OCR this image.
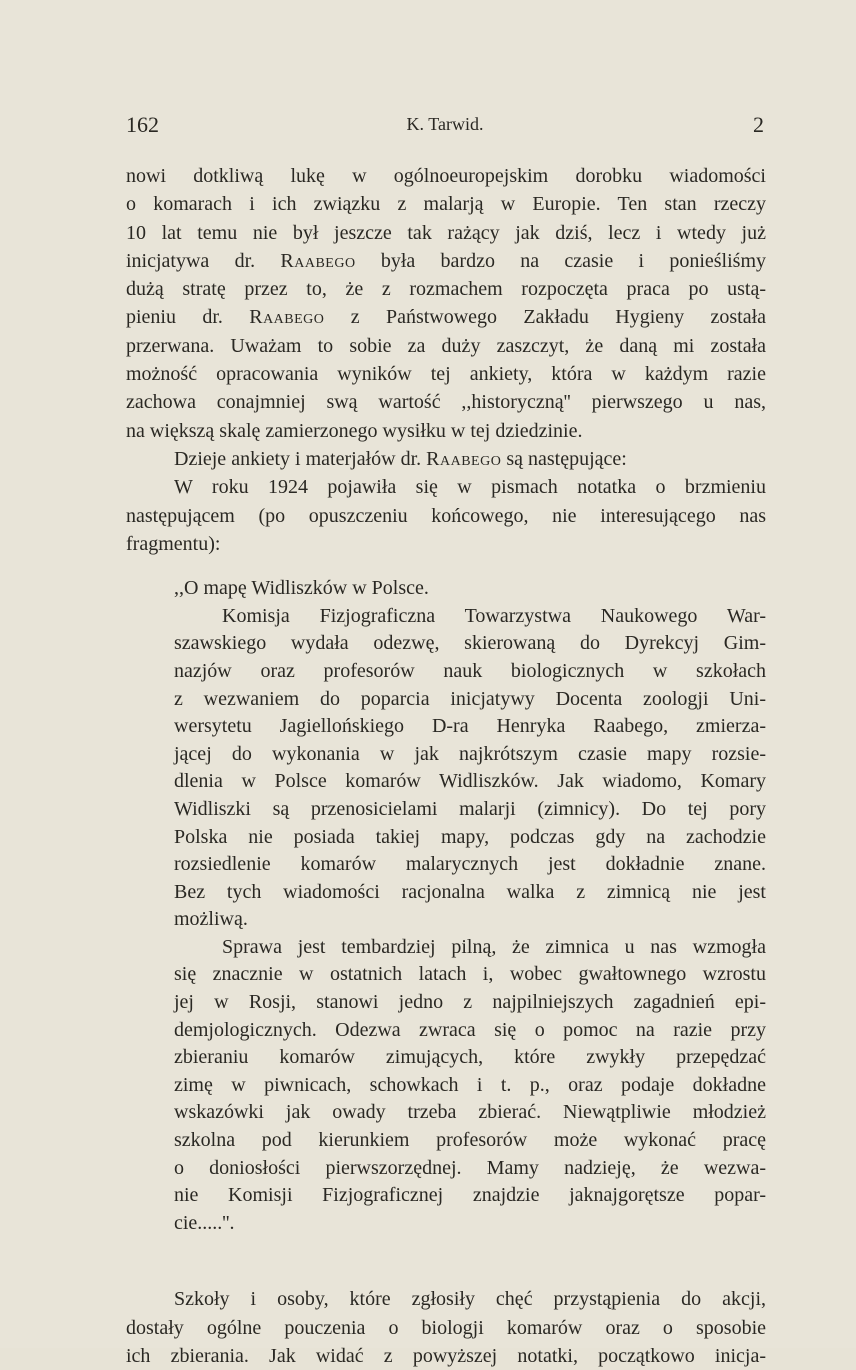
162	K. Tarwid.	2
nowi dotkliwą lukę w ogólnoeuropejskim dorobku wiadomości
o komarach i ich związku z malarją w Europie. Ten stan rzeczy
10 lat temu nie był jeszcze tak rażący jak dziś, lecz i wtedy już
inicjatywa dr. Raabego była bardzo na czasie i ponieśliśmy
dużą stratę przez to, że z rozmachem rozpoczęta praca po ustą-
pieniu dr. Raabego z Państwowego Zakładu Hygieny została
przerwana. Uważam to sobie za duży zaszczyt, że daną mi została
możność opracowania wyników tej ankiety, która w każdym razie
zachowa conajmniej swą wartość ,,historyczną'' pierwszego u nas,
na większą skalę zamierzonego wysiłku w tej dziedzinie.
Dzieje ankiety i materjałów dr. Raabego są następujące:
W roku 1924 pojawiła się w pismach notatka o brzmieniu
następującem (po opuszczeniu końcowego, nie interesującego nas
fragmentu):
,,O mapę Widliszków w Polsce.
Komisja Fizjograficzna Towarzystwa Naukowego War-
szawskiego wydała odezwę, skierowaną do Dyrekcyj Gim-
nazjów oraz profesorów nauk biologicznych w szkołach
z wezwaniem do poparcia inicjatywy Docenta zoologji Uni-
wersytetu Jagiellońskiego D-ra Henryka Raabego, zmierza-
jącej do wykonania w jak najkrótszym czasie mapy rozsie-
dlenia w Polsce komarów Widliszków. Jak wiadomo, Komary
Widliszki są przenosicielami malarji (zimnicy). Do tej pory
Polska nie posiada takiej mapy, podczas gdy na zachodzie
rozsiedlenie komarów malarycznych jest dokładnie znane.
Bez tych wiadomości racjonalna walka z zimnicą nie jest
możliwą.
Sprawa jest tembardziej pilną, że zimnica u nas wzmogła
się znacznie w ostatnich latach i, wobec gwałtownego wzrostu
jej w Rosji, stanowi jedno z najpilniejszych zagadnień epi-
demjologicznych. Odezwa zwraca się o pomoc na razie przy
zbieraniu komarów zimujących, które zwykły przepędzać
zimę w piwnicach, schowkach i t. p., oraz podaje dokładne
wskazówki jak owady trzeba zbierać. Niewątpliwie młodzież
szkolna pod kierunkiem profesorów może wykonać pracę
o doniosłości pierwszorzędnej. Mamy nadzieję, że wezwa-
nie Komisji Fizjograficznej znajdzie jaknajgorętsze popar-
cie.....''.
Szkoły i osoby, które zgłosiły chęć przystąpienia do akcji,
dostały ogólne pouczenia o biologji komarów oraz o sposobie
ich zbierania. Jak widać z powyższej notatki, początkowo inicja-
